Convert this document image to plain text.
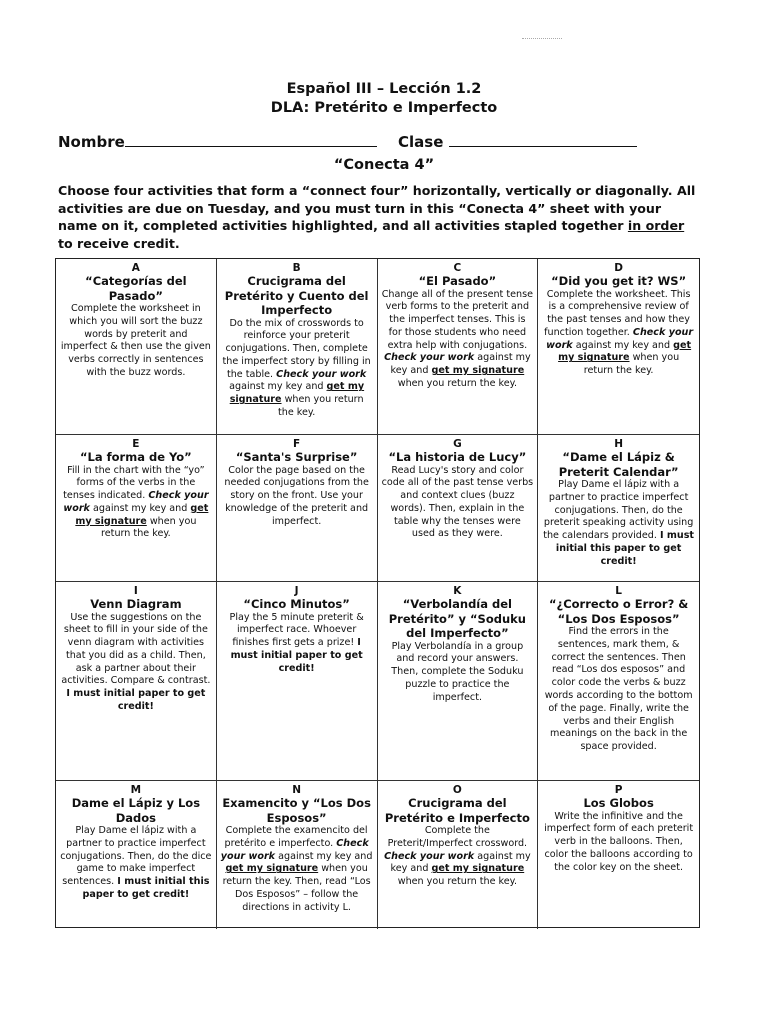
Español III – Lección 1.2
DLA: Pretérito e Imperfecto
Nombre	Clase
“Conecta 4”
Choose four activities that form a “connect four” horizontally, vertically or diagonally. All activities are due on Tuesday, and you must turn in this “Conecta 4” sheet with your name on it, completed activities highlighted, and all activities stapled together in order to receive credit.
A
“Categorías del Pasado”
Complete the worksheet in which you will sort the buzz words by preterit and imperfect & then use the given verbs correctly in sentences with the buzz words.
B
Crucigrama del Pretérito y Cuento del Imperfecto
Do the mix of crosswords to reinforce your preterit conjugations. Then, complete the imperfect story by filling in the table. Check your work against my key and get my signature when you return the key.
C
“El Pasado”
Change all of the present tense verb forms to the preterit and the imperfect tenses. This is for those students who need extra help with conjugations. Check your work against my key and get my signature when you return the key.
D
“Did you get it? WS”
Complete the worksheet. This is a comprehensive review of the past tenses and how they function together. Check your work against my key and get my signature when you return the key.
E
“La forma de Yo”
Fill in the chart with the “yo” forms of the verbs in the tenses indicated. Check your work against my key and get my signature when you return the key.
F
“Santa's Surprise”
Color the page based on the needed conjugations from the story on the front. Use your knowledge of the preterit and imperfect.
G
“La historia de Lucy”
Read Lucy's story and color code all of the past tense verbs and context clues (buzz words). Then, explain in the table why the tenses were used as they were.
H
“Dame el Lápiz & Preterit Calendar”
Play Dame el lápiz with a partner to practice imperfect conjugations. Then, do the preterit speaking activity using the calendars provided. I must initial this paper to get credit!
I
Venn Diagram
Use the suggestions on the sheet to fill in your side of the venn diagram with activities that you did as a child. Then, ask a partner about their activities. Compare & contrast. I must initial paper to get credit!
J
“Cinco Minutos”
Play the 5 minute preterit & imperfect race. Whoever finishes first gets a prize! I must initial paper to get credit!
K
“Verbolandía del Pretérito” y “Soduku del Imperfecto”
Play Verbolandía in a group and record your answers. Then, complete the Soduku puzzle to practice the imperfect.
L
“¿Correcto o Error? & “Los Dos Esposos”
Find the errors in the sentences, mark them, & correct the sentences. Then read “Los dos esposos” and color code the verbs & buzz words according to the bottom of the page. Finally, write the verbs and their English meanings on the back in the space provided.
M
Dame el Lápiz y Los Dados
Play Dame el lápiz with a partner to practice imperfect conjugations. Then, do the dice game to make imperfect sentences. I must initial this paper to get credit!
N
Examencito y “Los Dos Esposos”
Complete the examencito del pretérito e imperfecto. Check your work against my key and get my signature when you return the key. Then, read “Los Dos Esposos” – follow the directions in activity L.
O
Crucigrama del Pretérito e Imperfecto
Complete the Preterit/Imperfect crossword. Check your work against my key and get my signature when you return the key.
P
Los Globos
Write the infinitive and the imperfect form of each preterit verb in the balloons. Then, color the balloons according to the color key on the sheet.
